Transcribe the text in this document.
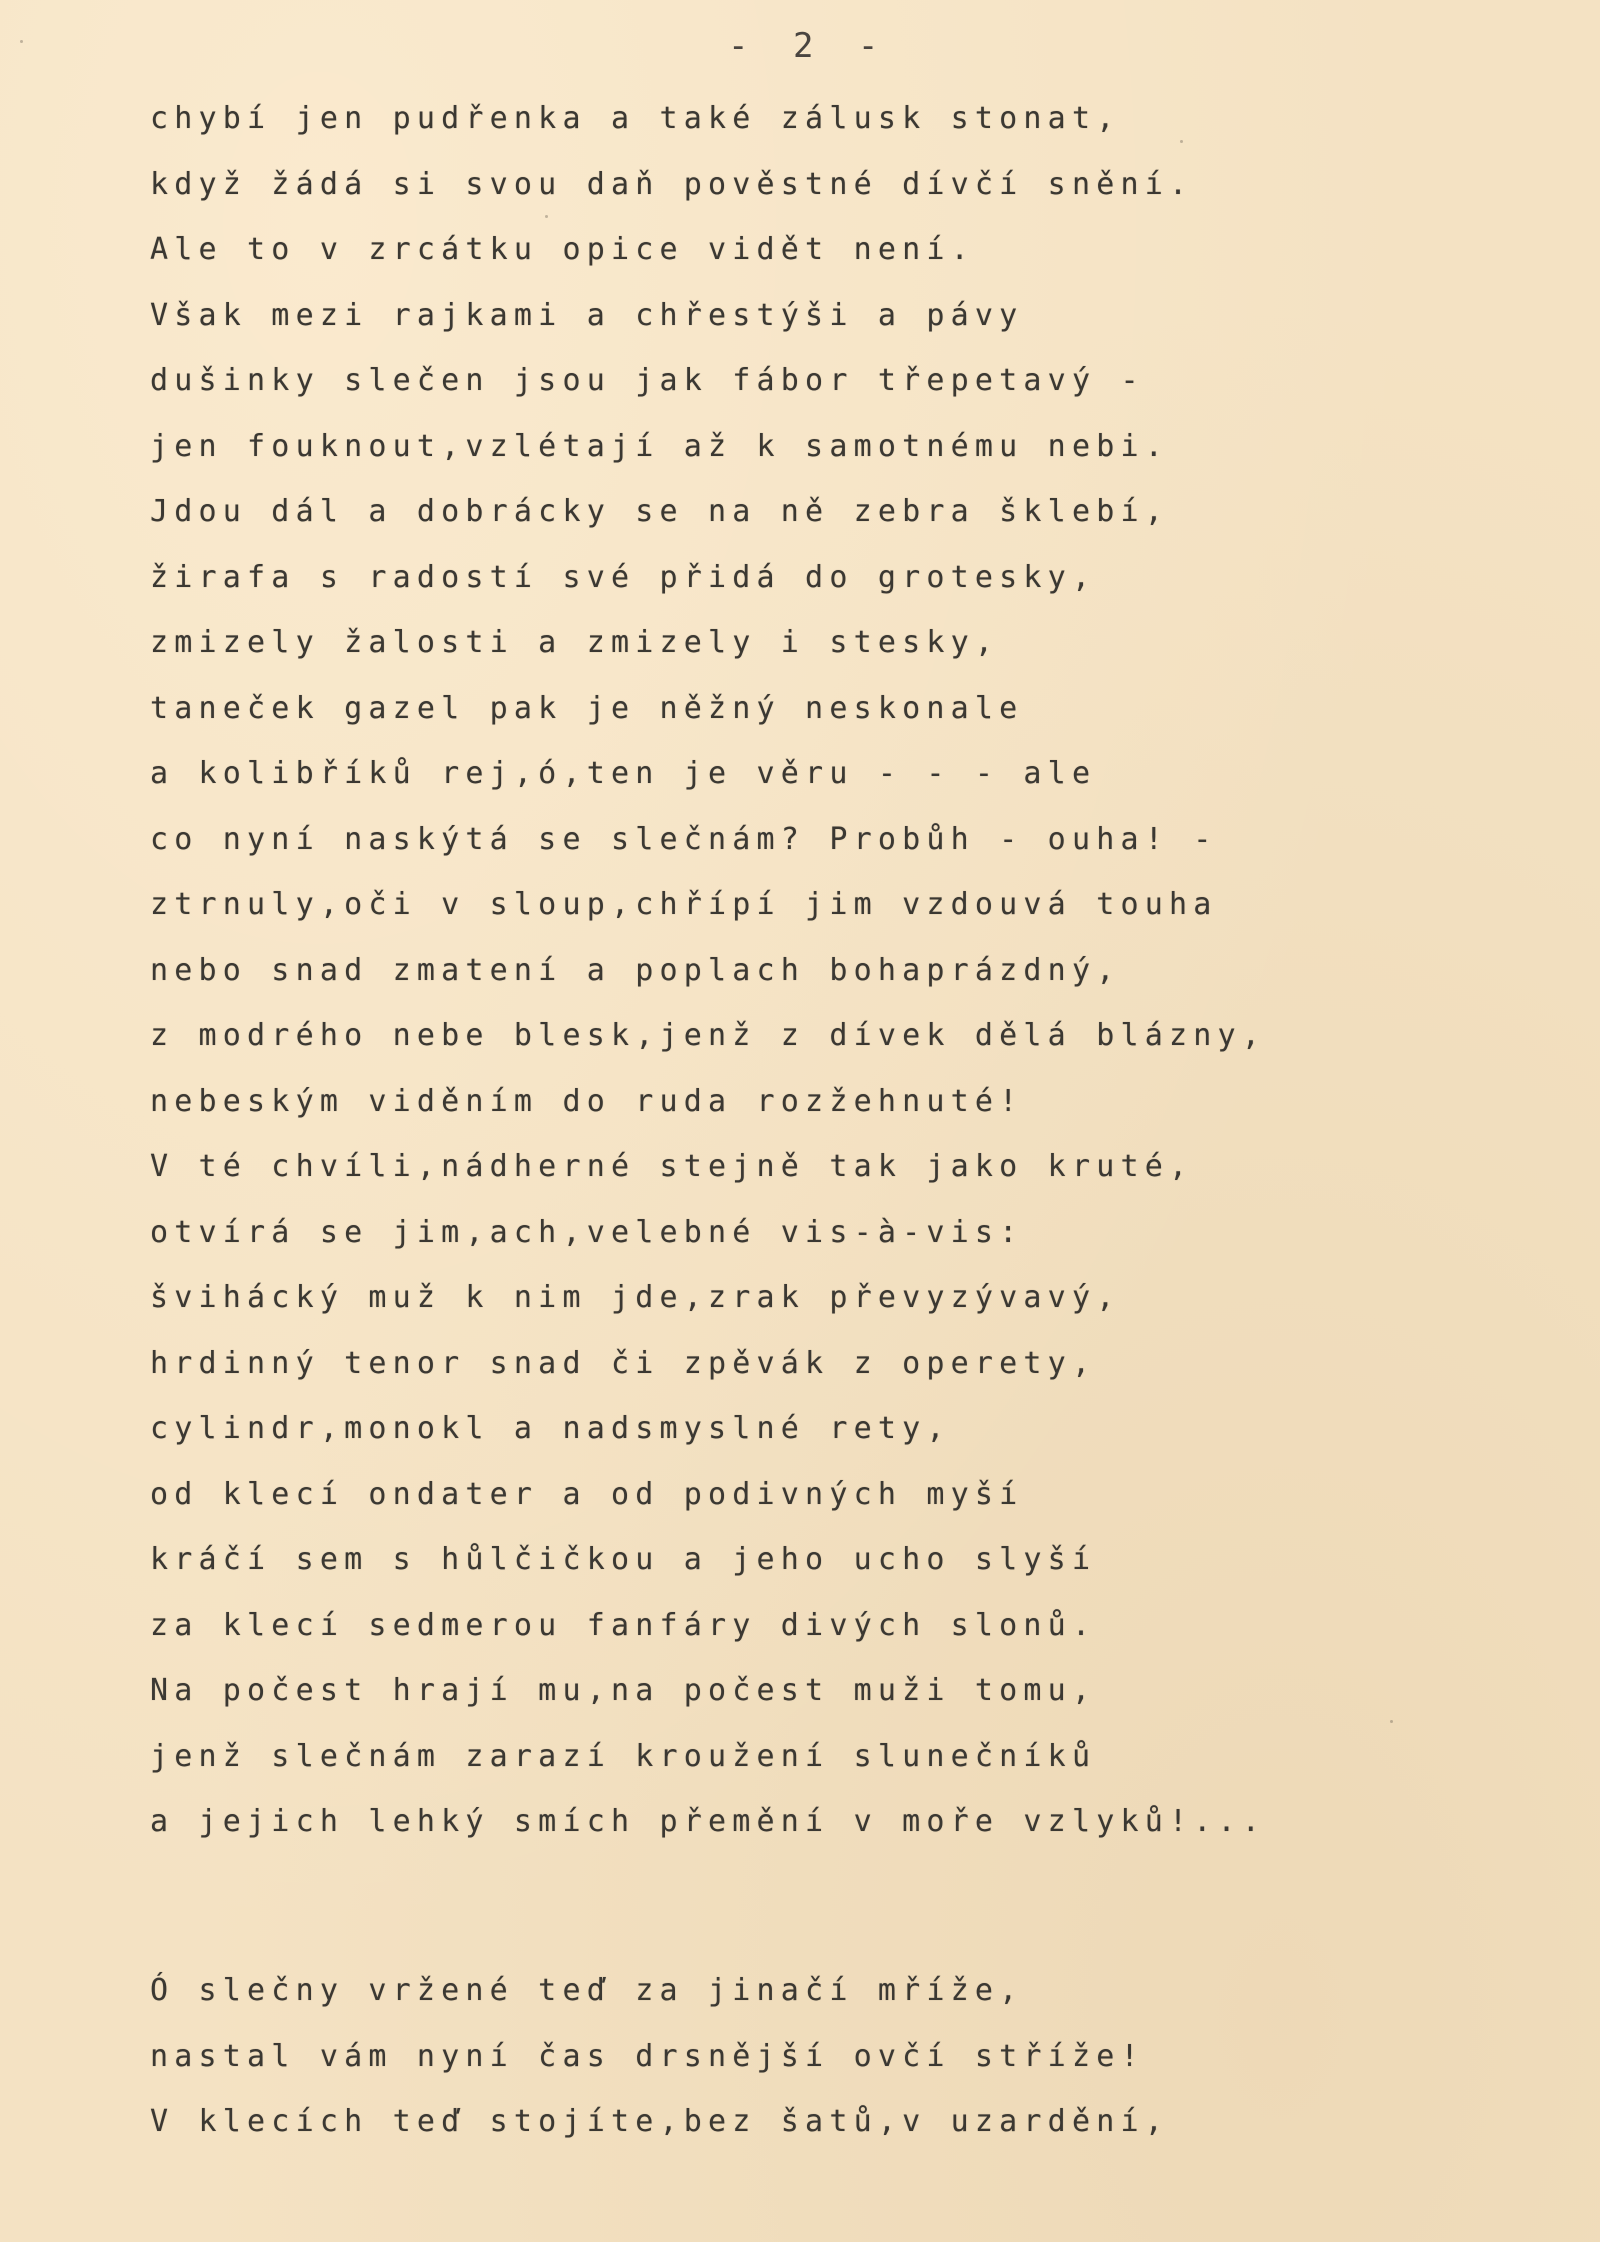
- 2 -
chybí jen pudřenka a také zálusk stonat,
když žádá si svou daň pověstné dívčí snění.
Ale to v zrcátku opice vidět není.
Však mezi rajkami a chřestýši a pávy
dušinky slečen jsou jak fábor třepetavý -
jen fouknout,vzlétají až k samotnému nebi.
Jdou dál a dobrácky se na ně zebra šklebí,
žirafa s radostí své přidá do grotesky,
zmizely žalosti a zmizely i stesky,
taneček gazel pak je něžný neskonale
a kolibříků rej,ó,ten je věru - - - ale
co nyní naskýtá se slečnám? Probůh - ouha! -
ztrnuly,oči v sloup,chřípí jim vzdouvá touha
nebo snad zmatení a poplach bohaprázdný,
z modrého nebe blesk,jenž z dívek dělá blázny,
nebeským viděním do ruda rozžehnuté!
V té chvíli,nádherné stejně tak jako kruté,
otvírá se jim,ach,velebné vis-à-vis:
švihácký muž k nim jde,zrak převyzývavý,
hrdinný tenor snad či zpěvák z operety,
cylindr,monokl a nadsmyslné rety,
od klecí ondater a od podivných myší
kráčí sem s hůlčičkou a jeho ucho slyší
za klecí sedmerou fanfáry divých slonů.
Na počest hrají mu,na počest muži tomu,
jenž slečnám zarazí kroužení slunečníků
a jejich lehký smích přemění v moře vzlyků!...
Ó slečny vržené teď za jinačí mříže,
nastal vám nyní čas drsnější ovčí stříže!
V klecích teď stojíte,bez šatů,v uzardění,
